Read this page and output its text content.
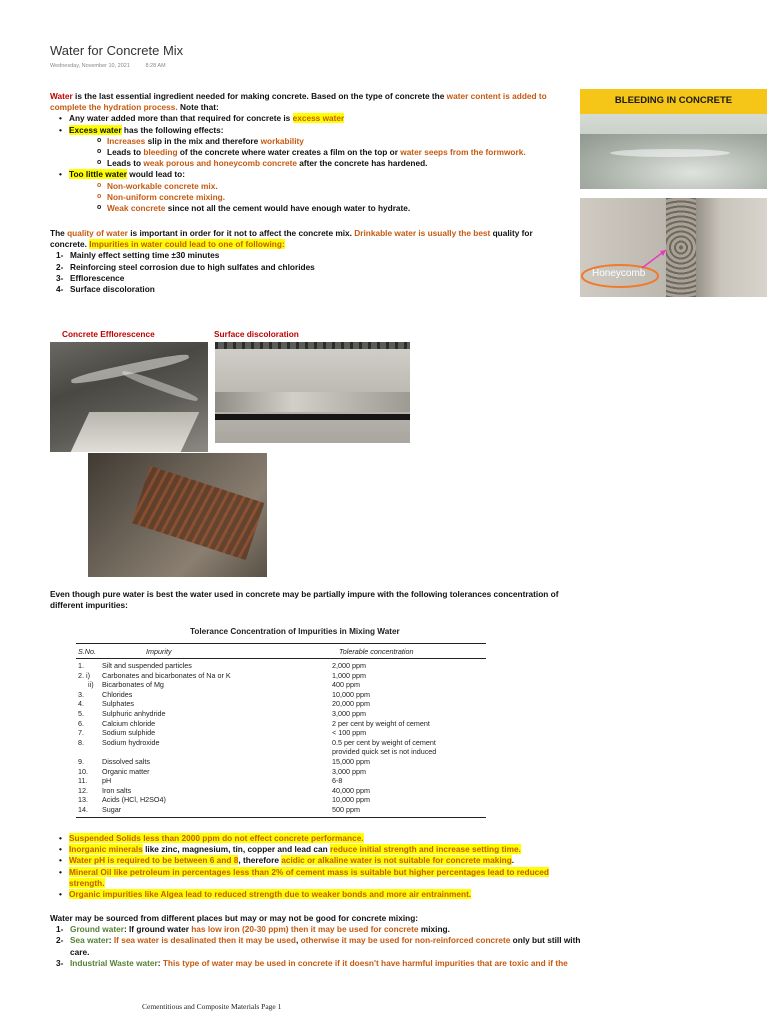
Water for Concrete Mix
Wednesday, November 10, 2021	8:28 AM

Water is the last essential ingredient needed for making concrete. Based on the type of concrete the water content is added to complete the hydration process. Note that:

• Any water added more than that required for concrete is excess water
• Excess water has the following effects:
o Increases slip in the mix and therefore workability
o Leads to bleeding of the concrete where water creates a film on the top or water seeps from the formwork.
o Leads to weak porous and honeycomb concrete after the concrete has hardened.
• Too little water would lead to:
o Non-workable concrete mix.
o Non-uniform concrete mixing.
o Weak concrete since not all the cement would have enough water to hydrate.

The quality of water is important in order for it not to affect the concrete mix. Drinkable water is usually the best quality for concrete. Impurities in water could lead to one of following:

1- Mainly effect setting time ±30 minutes
2- Reinforcing steel corrosion due to high sulfates and chlorides
3- Efflorescence
4- Surface discoloration
BLEEDING IN CONCRETE
Honeycomb
Concrete Efflorescence	Surface discoloration
Even though pure water is best the water used in concrete may be partially impure with the following tolerances concentration of different impurities:
Tolerance Concentration of Impurities in Mixing Water
S.No.	Impurity	Tolerable concentration
1.	Silt and suspended particles	2,000 ppm
2. i)	Carbonates and bicarbonates of Na or K	1,000 ppm
ii)	Bicarbonates of Mg	400 ppm
3.	Chlorides	10,000 ppm
4.	Sulphates	20,000 ppm
5.	Sulphuric anhydride	3,000 ppm
6.	Calcium chloride	2 per cent by weight of cement
7.	Sodium sulphide	< 100 ppm
8.	Sodium hydroxide	0.5 per cent by weight of cement
		provided quick set is not induced
9.	Dissolved salts	15,000 ppm
10.	Organic matter	3,000 ppm
11.	pH	6-8
12.	Iron salts	40,000 ppm
13.	Acids (HCl, H2SO4)	10,000 ppm
14.	Sugar	500 ppm
• Suspended Solids less than 2000 ppm do not effect concrete performance.
• Inorganic minerals like zinc, magnesium, tin, copper and lead can reduce initial strength and increase setting time.
• Water pH is required to be between 6 and 8, therefore acidic or alkaline water is not suitable for concrete making.
• Mineral Oil like petroleum in percentages less than 2% of cement mass is suitable but higher percentages lead to reduced strength.
• Organic impurities like Algea lead to reduced strength due to weaker bonds and more air entrainment.

Water may be sourced from different places but may or may not be good for concrete mixing:

1- Ground water: If ground water has low iron (20-30 ppm) then it may be used for concrete mixing.
2- Sea water: If sea water is desalinated then it may be used, otherwise it may be used for non-reinforced concrete only but still with care.
3- Industrial Waste water: This type of water may be used in concrete if it doesn't have harmful impurities that are toxic and if the
Cementitious and Composite Materials Page 1
